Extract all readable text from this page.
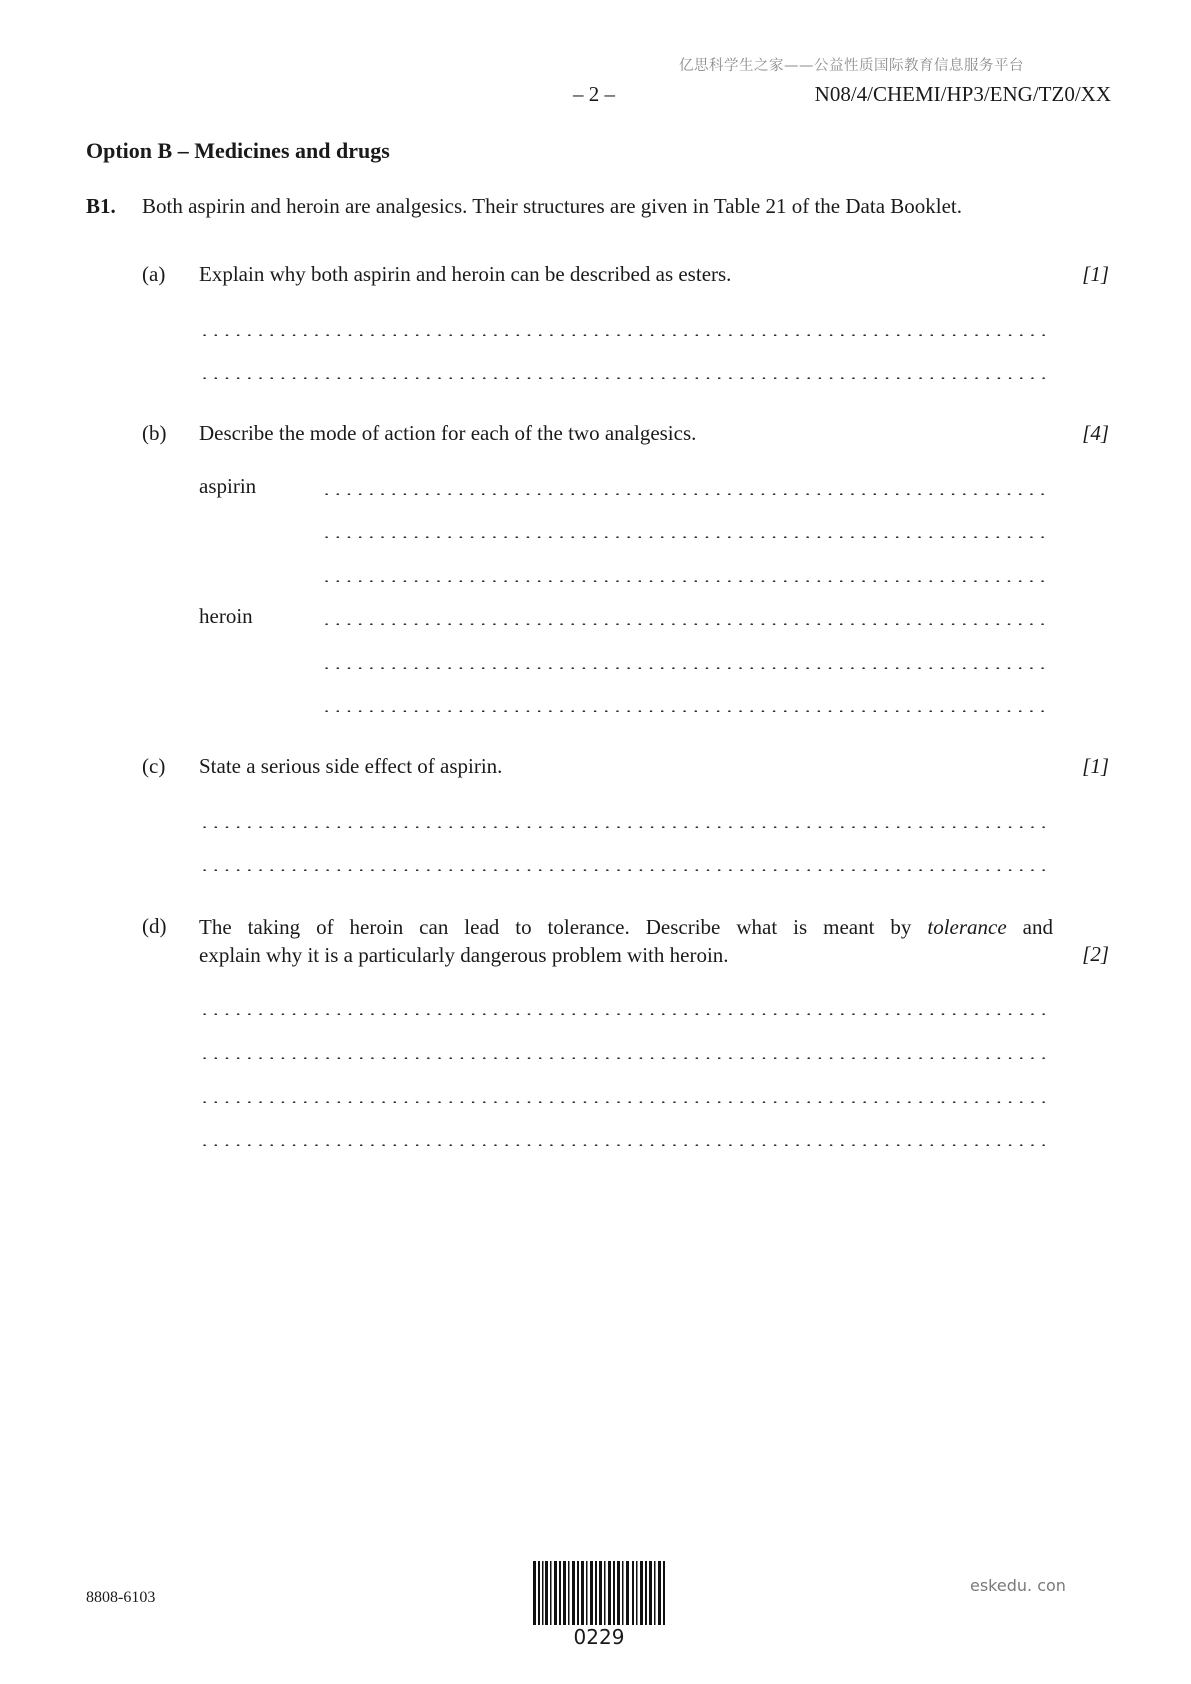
亿思科学生之家——公益性质国际教育信息服务平台
– 2 –	N08/4/CHEMI/HP3/ENG/TZ0/XX
Option B – Medicines and drugs
B1. Both aspirin and heroin are analgesics. Their structures are given in Table 21 of the Data Booklet.
(a) Explain why both aspirin and heroin can be described as esters.	[1]
(b) Describe the mode of action for each of the two analgesics.	[4]
aspirin
heroin
(c) State a serious side effect of aspirin.	[1]
(d) The taking of heroin can lead to tolerance. Describe what is meant by tolerance and
explain why it is a particularly dangerous problem with heroin.	[2]
8808-6103
0229
eskedu. con
